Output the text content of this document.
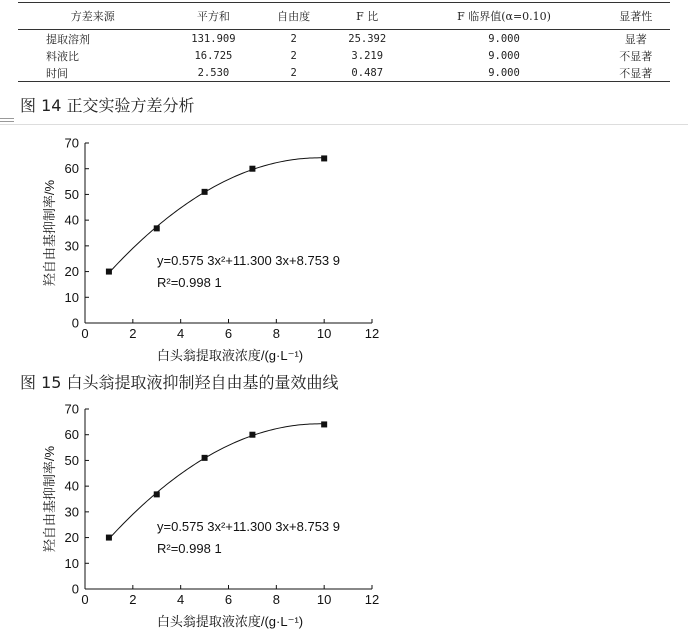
方差来源	平方和	自由度	F 比	F 临界值(α=0.10)	显著性
提取溶剂	131.909	2	25.392	9.000	显著
料液比	16.725	2	3.219	9.000	不显著
时间	2.530	2	0.487	9.000	不显著
图 14 正交实验方差分析
0	2	4	6	8	10	12
0
10
20
30
40
50
60
70
y=0.575 3x²+11.300 3x+8.753 9
R²=0.998 1
白头翁提取液浓度/(g·L⁻¹)
羟自由基抑制率/%
图 15 白头翁提取液抑制羟自由基的量效曲线
0	2	4	6	8	10	12
0
10
20
30
40
50
60
70
y=0.575 3x²+11.300 3x+8.753 9
R²=0.998 1
白头翁提取液浓度/(g·L⁻¹)
羟自由基抑制率/%
